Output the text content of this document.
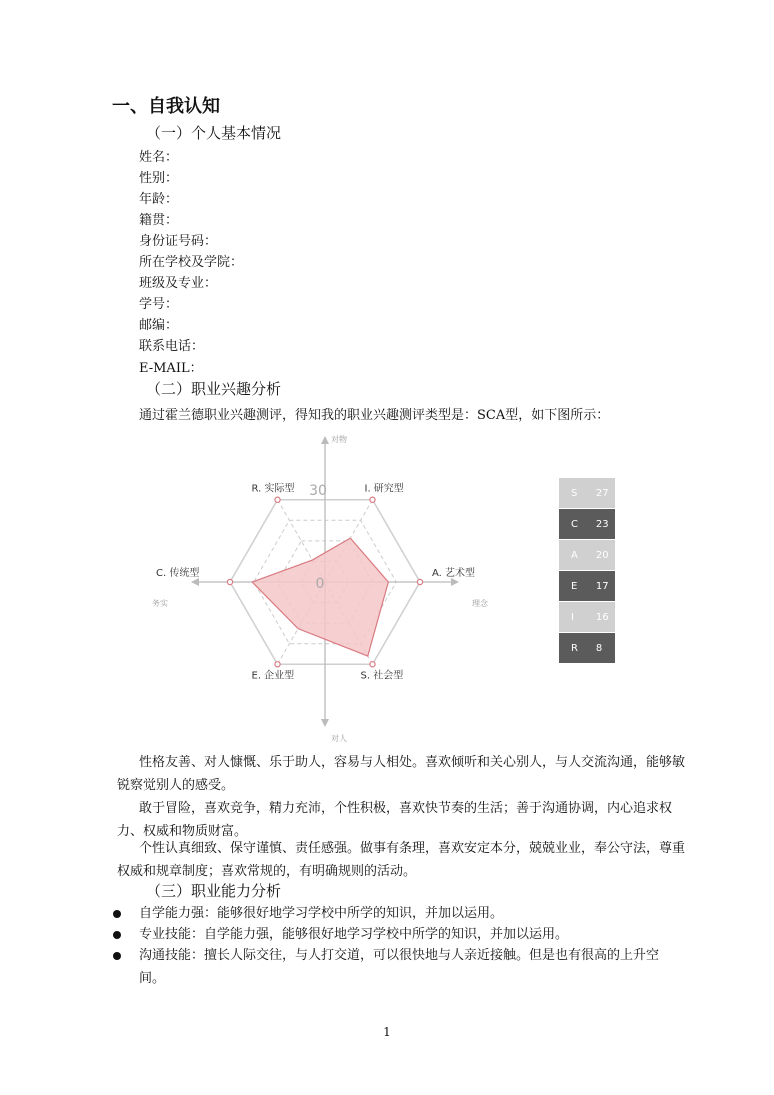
一、自我认知
（一）个人基本情况
姓名：
性别：
年龄：
籍贯：
身份证号码：
所在学校及学院：
班级及专业：
学号：
邮编：
联系电话：
E-MAIL：
（二）职业兴趣分析
通过霍兰德职业兴趣测评，得知我的职业兴趣测评类型是：SCA型，如下图所示：
R. 实际型	I. 研究型
A. 艺术型
S. 社会型
E. 企业型
C. 传统型
30
0
对物
对人
务实	理念
S	27
C	23
A	20
E	17
I	16
R	8
性格友善、对人慷慨、乐于助人，容易与人相处。喜欢倾听和关心别人，与人交流沟通，能够敏锐察觉别人的感受。
敢于冒险，喜欢竞争，精力充沛，个性积极，喜欢快节奏的生活；善于沟通协调，内心追求权力、权威和物质财富。
个性认真细致、保守谨慎、责任感强。做事有条理，喜欢安定本分，兢兢业业，奉公守法，尊重权威和规章制度；喜欢常规的，有明确规则的活动。
（三）职业能力分析
自学能力强：能够很好地学习学校中所学的知识，并加以运用。
专业技能：自学能力强，能够很好地学习学校中所学的知识，并加以运用。
沟通技能：擅长人际交往，与人打交道，可以很快地与人亲近接触。但是也有很高的上升空间。
1
